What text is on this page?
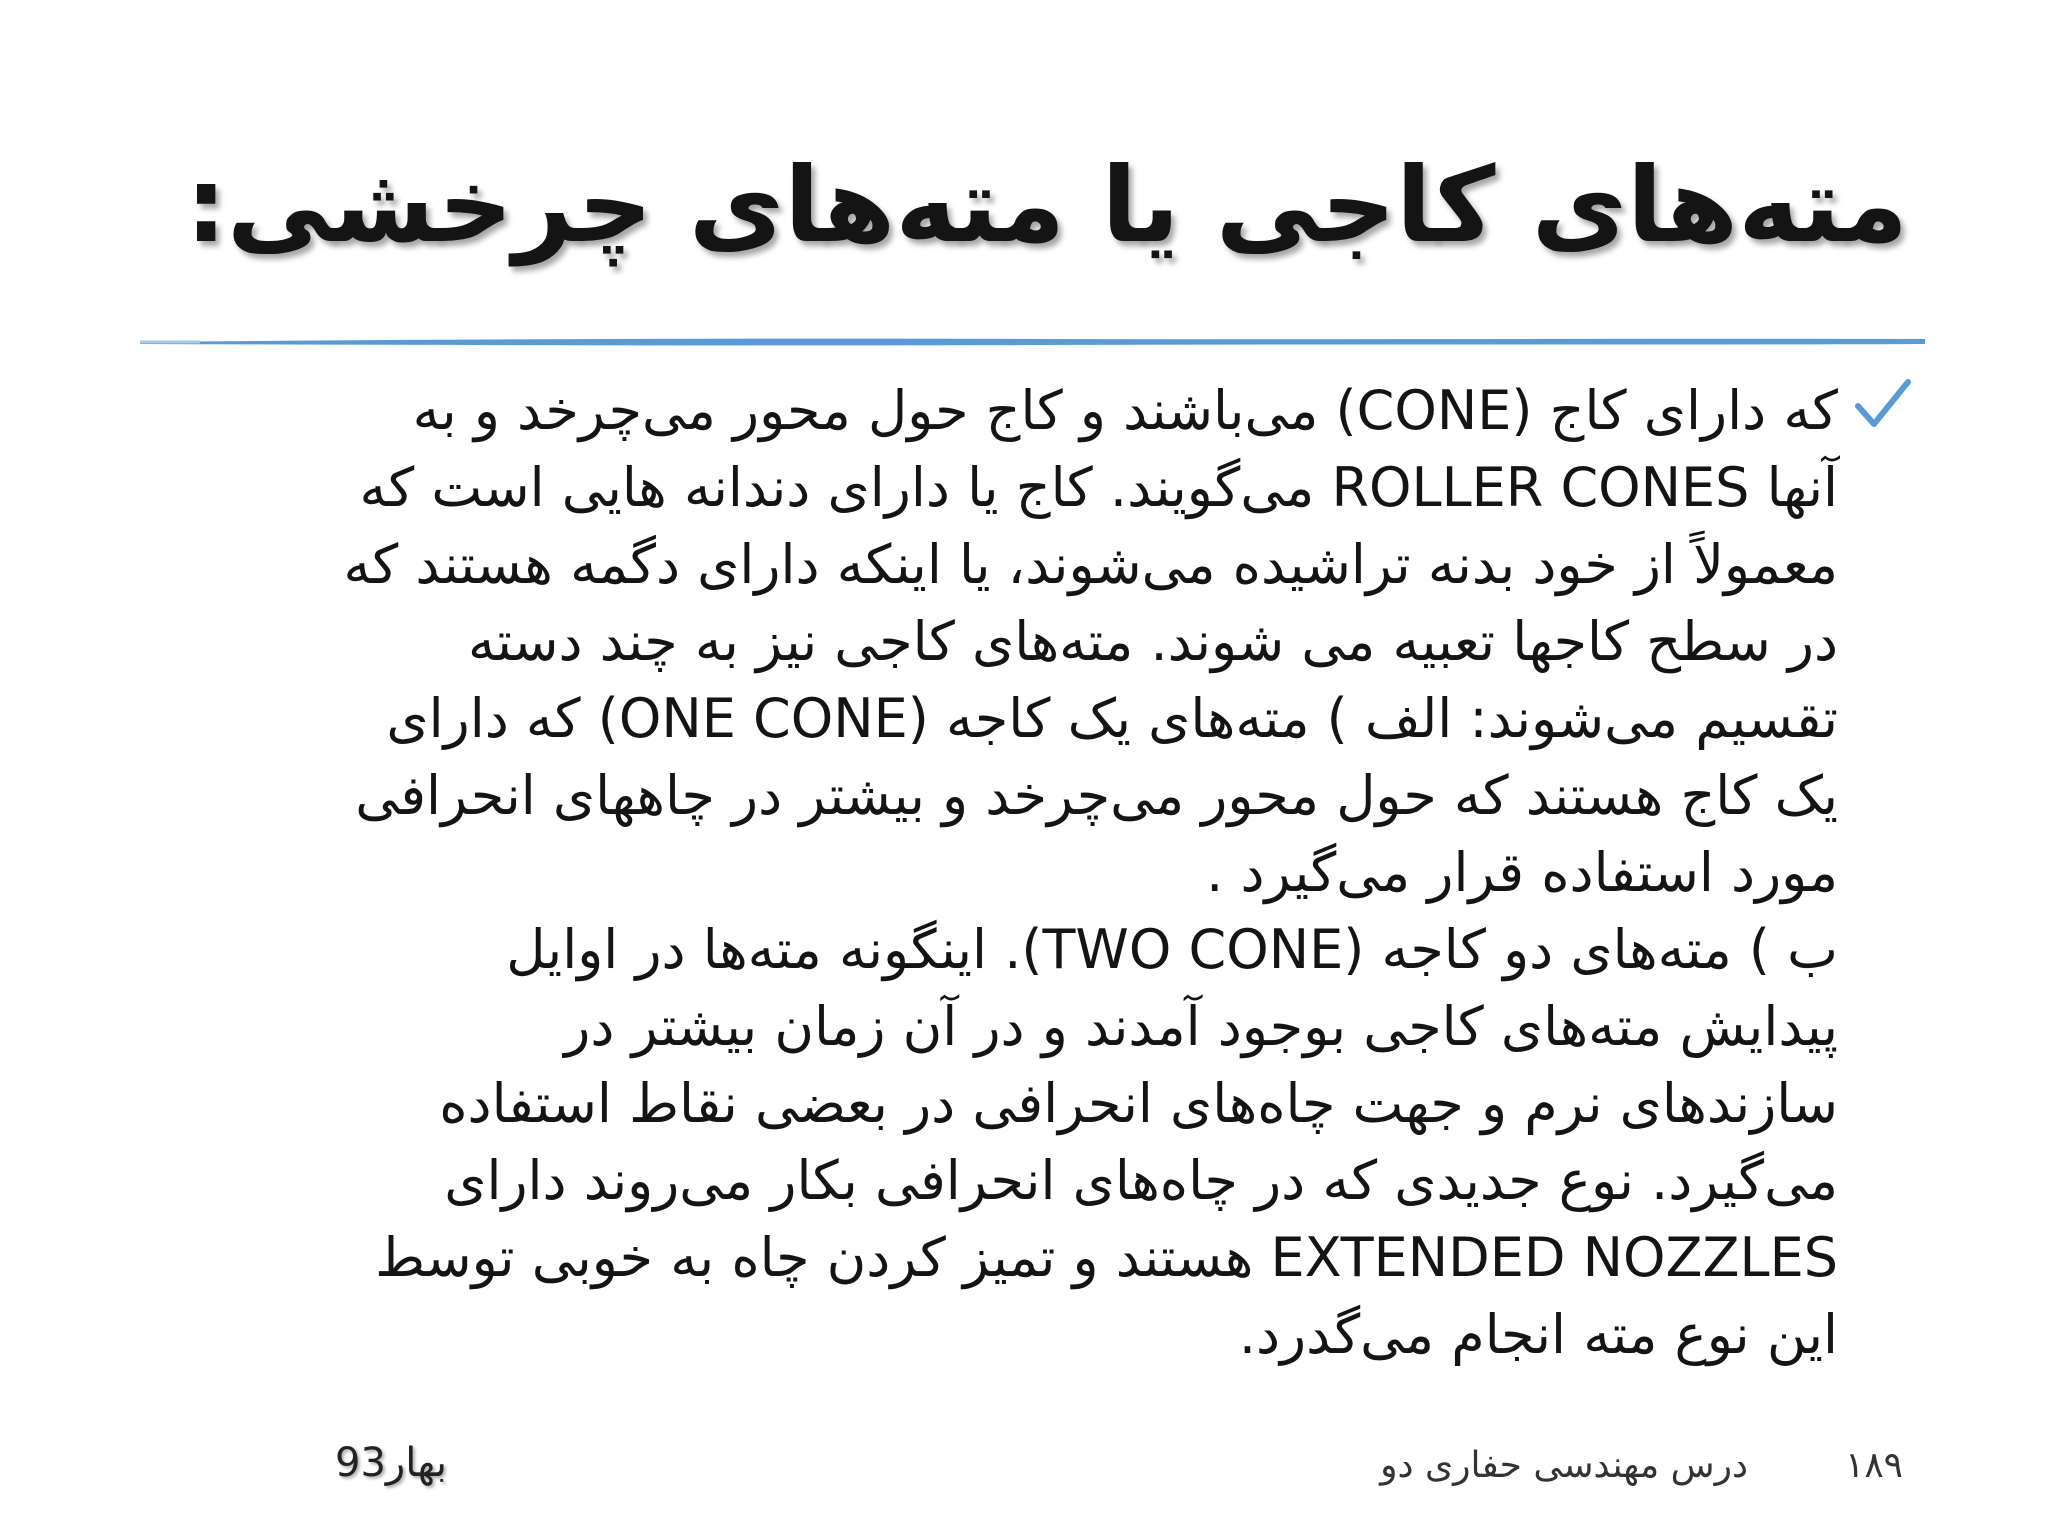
مته‌های کاجی یا مته‌های چرخشی:
که دارای کاج (CONE) می‌باشند و کاج حول محور می‌چرخد و به
آنها ROLLER CONES می‌گویند. کاج یا دارای دندانه هایی است که
معمولاً از خود بدنه تراشیده می‌شوند، یا اینکه دارای دگمه هستند که
در سطح کاجها تعبیه می شوند. مته‌های کاجی نیز به چند دسته
تقسیم می‌شوند: الف ) مته‌های یک کاجه (ONE CONE) که دارای
یک کاج هستند که حول محور می‌چرخد و بیشتر در چاههای انحرافی
مورد استفاده قرار می‌گیرد .
ب ) مته‌های دو کاجه (TWO CONE). اینگونه مته‌ها در اوایل
پیدایش مته‌های کاجی بوجود آمدند و در آن زمان بیشتر در
سازندهای نرم و جهت چاه‌های انحرافی در بعضی نقاط استفاده
می‌گیرد. نوع جدیدی که در چاه‌های انحرافی بکار می‌روند دارای
EXTENDED NOZZLES هستند و تمیز کردن چاه به خوبی توسط
این نوع مته انجام می‌گدرد.
۱۸۹
درس مهندسی حفاری دو
بهار93
